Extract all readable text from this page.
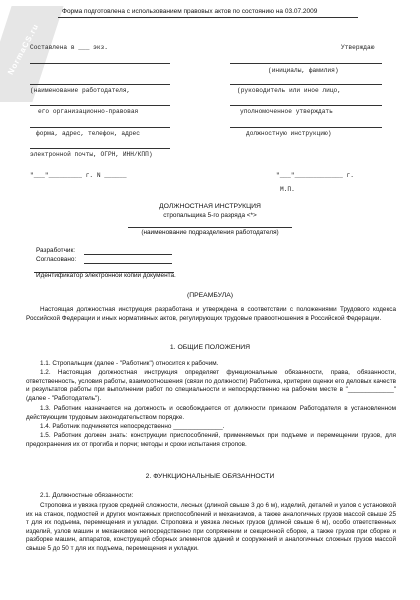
NormaCS.ru
Форма подготовлена с использованием правовых актов по состоянию на 03.07.2009
Составлена в ___ экз.
(наименование работодателя,
его организационно-правовая
форма, адрес, телефон, адрес
электронной почты, ОГРН, ИНН/КПП)
"___"_________ г. N ______
Утверждаю
(инициалы, фамилия)
(руководитель или иное лицо,
уполномоченное утверждать
должностную инструкцию)
"___"_____________ г.
М.П.
ДОЛЖНОСТНАЯ ИНСТРУКЦИЯ
стропальщика 5-го разряда <*>
(наименование подразделения работодателя)
Разработчик:
Согласовано:
Идентификатор электронной копии документа.
(ПРЕАМБУЛА)
Настоящая должностная инструкция разработана и утверждена в соответствии с положениями Трудового кодекса Российской Федерации и иных нормативных актов, регулирующих трудовые правоотношения в Российской Федерации.
1. ОБЩИЕ ПОЛОЖЕНИЯ
1.1. Стропальщик (далее - "Работник") относится к рабочим.
1.2. Настоящая должностная инструкция определяет функциональные обязанности, права, обязанности, ответственность, условия работы, взаимоотношения (связи по должности) Работника, критерии оценки его деловых качеств и результатов работы при выполнении работ по специальности и непосредственно на рабочем месте в "_____________" (далее - "Работодатель").
1.3. Работник назначается на должность и освобождается от должности приказом Работодателя в установленном действующим трудовым законодательством порядке.
1.4. Работник подчиняется непосредственно ______________.
1.5. Работник должен знать: конструкции приспособлений, применяемых при подъеме и перемещении грузов, для предохранения их от прогиба и порчи; методы и сроки испытания стропов.
2. ФУНКЦИОНАЛЬНЫЕ ОБЯЗАННОСТИ
2.1. Должностные обязанности:
Строповка и увязка грузов средней сложности, лесных (длиной свыше 3 до 6 м), изделий, деталей и узлов с установкой их на станок, подмостей и других монтажных приспособлений и механизмов, а также аналогичных грузов массой свыше 25 т для их подъема, перемещения и укладки. Строповка и увязка лесных грузов (длиной свыше 6 м), особо ответственных изделий, узлов машин и механизмов непосредственно при сопряжении и секционной сборке, а также грузов при сборке и разборке машин, аппаратов, конструкций сборных элементов зданий и сооружений и аналогичных сложных грузов массой свыше 5 до 50 т для их подъема, перемещения и укладки.
